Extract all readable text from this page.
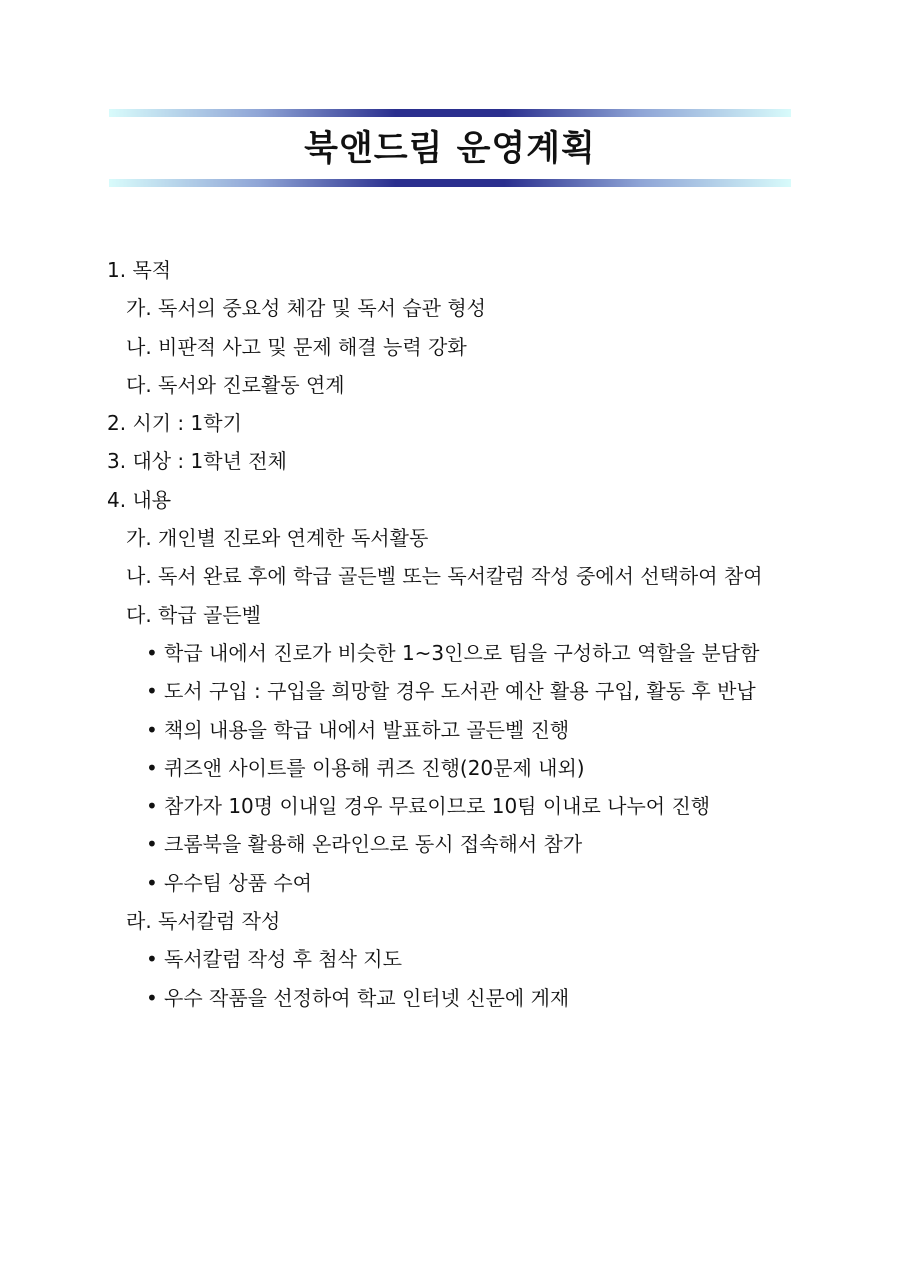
북앤드림 운영계획
1. 목적
가. 독서의 중요성 체감 및 독서 습관 형성
나. 비판적 사고 및 문제 해결 능력 강화
다. 독서와 진로활동 연계
2. 시기 : 1학기
3. 대상 : 1학년 전체
4. 내용
가. 개인별 진로와 연계한 독서활동
나. 독서 완료 후에 학급 골든벨 또는 독서칼럼 작성 중에서 선택하여 참여
다. 학급 골든벨
• 학급 내에서 진로가 비슷한 1~3인으로 팀을 구성하고 역할을 분담함
• 도서 구입 : 구입을 희망할 경우 도서관 예산 활용 구입, 활동 후 반납
• 책의 내용을 학급 내에서 발표하고 골든벨 진행
• 퀴즈앤 사이트를 이용해 퀴즈 진행(20문제 내외)
• 참가자 10명 이내일 경우 무료이므로 10팀 이내로 나누어 진행
• 크롬북을 활용해 온라인으로 동시 접속해서 참가
• 우수팀 상품 수여
라. 독서칼럼 작성
• 독서칼럼 작성 후 첨삭 지도
• 우수 작품을 선정하여 학교 인터넷 신문에 게재
